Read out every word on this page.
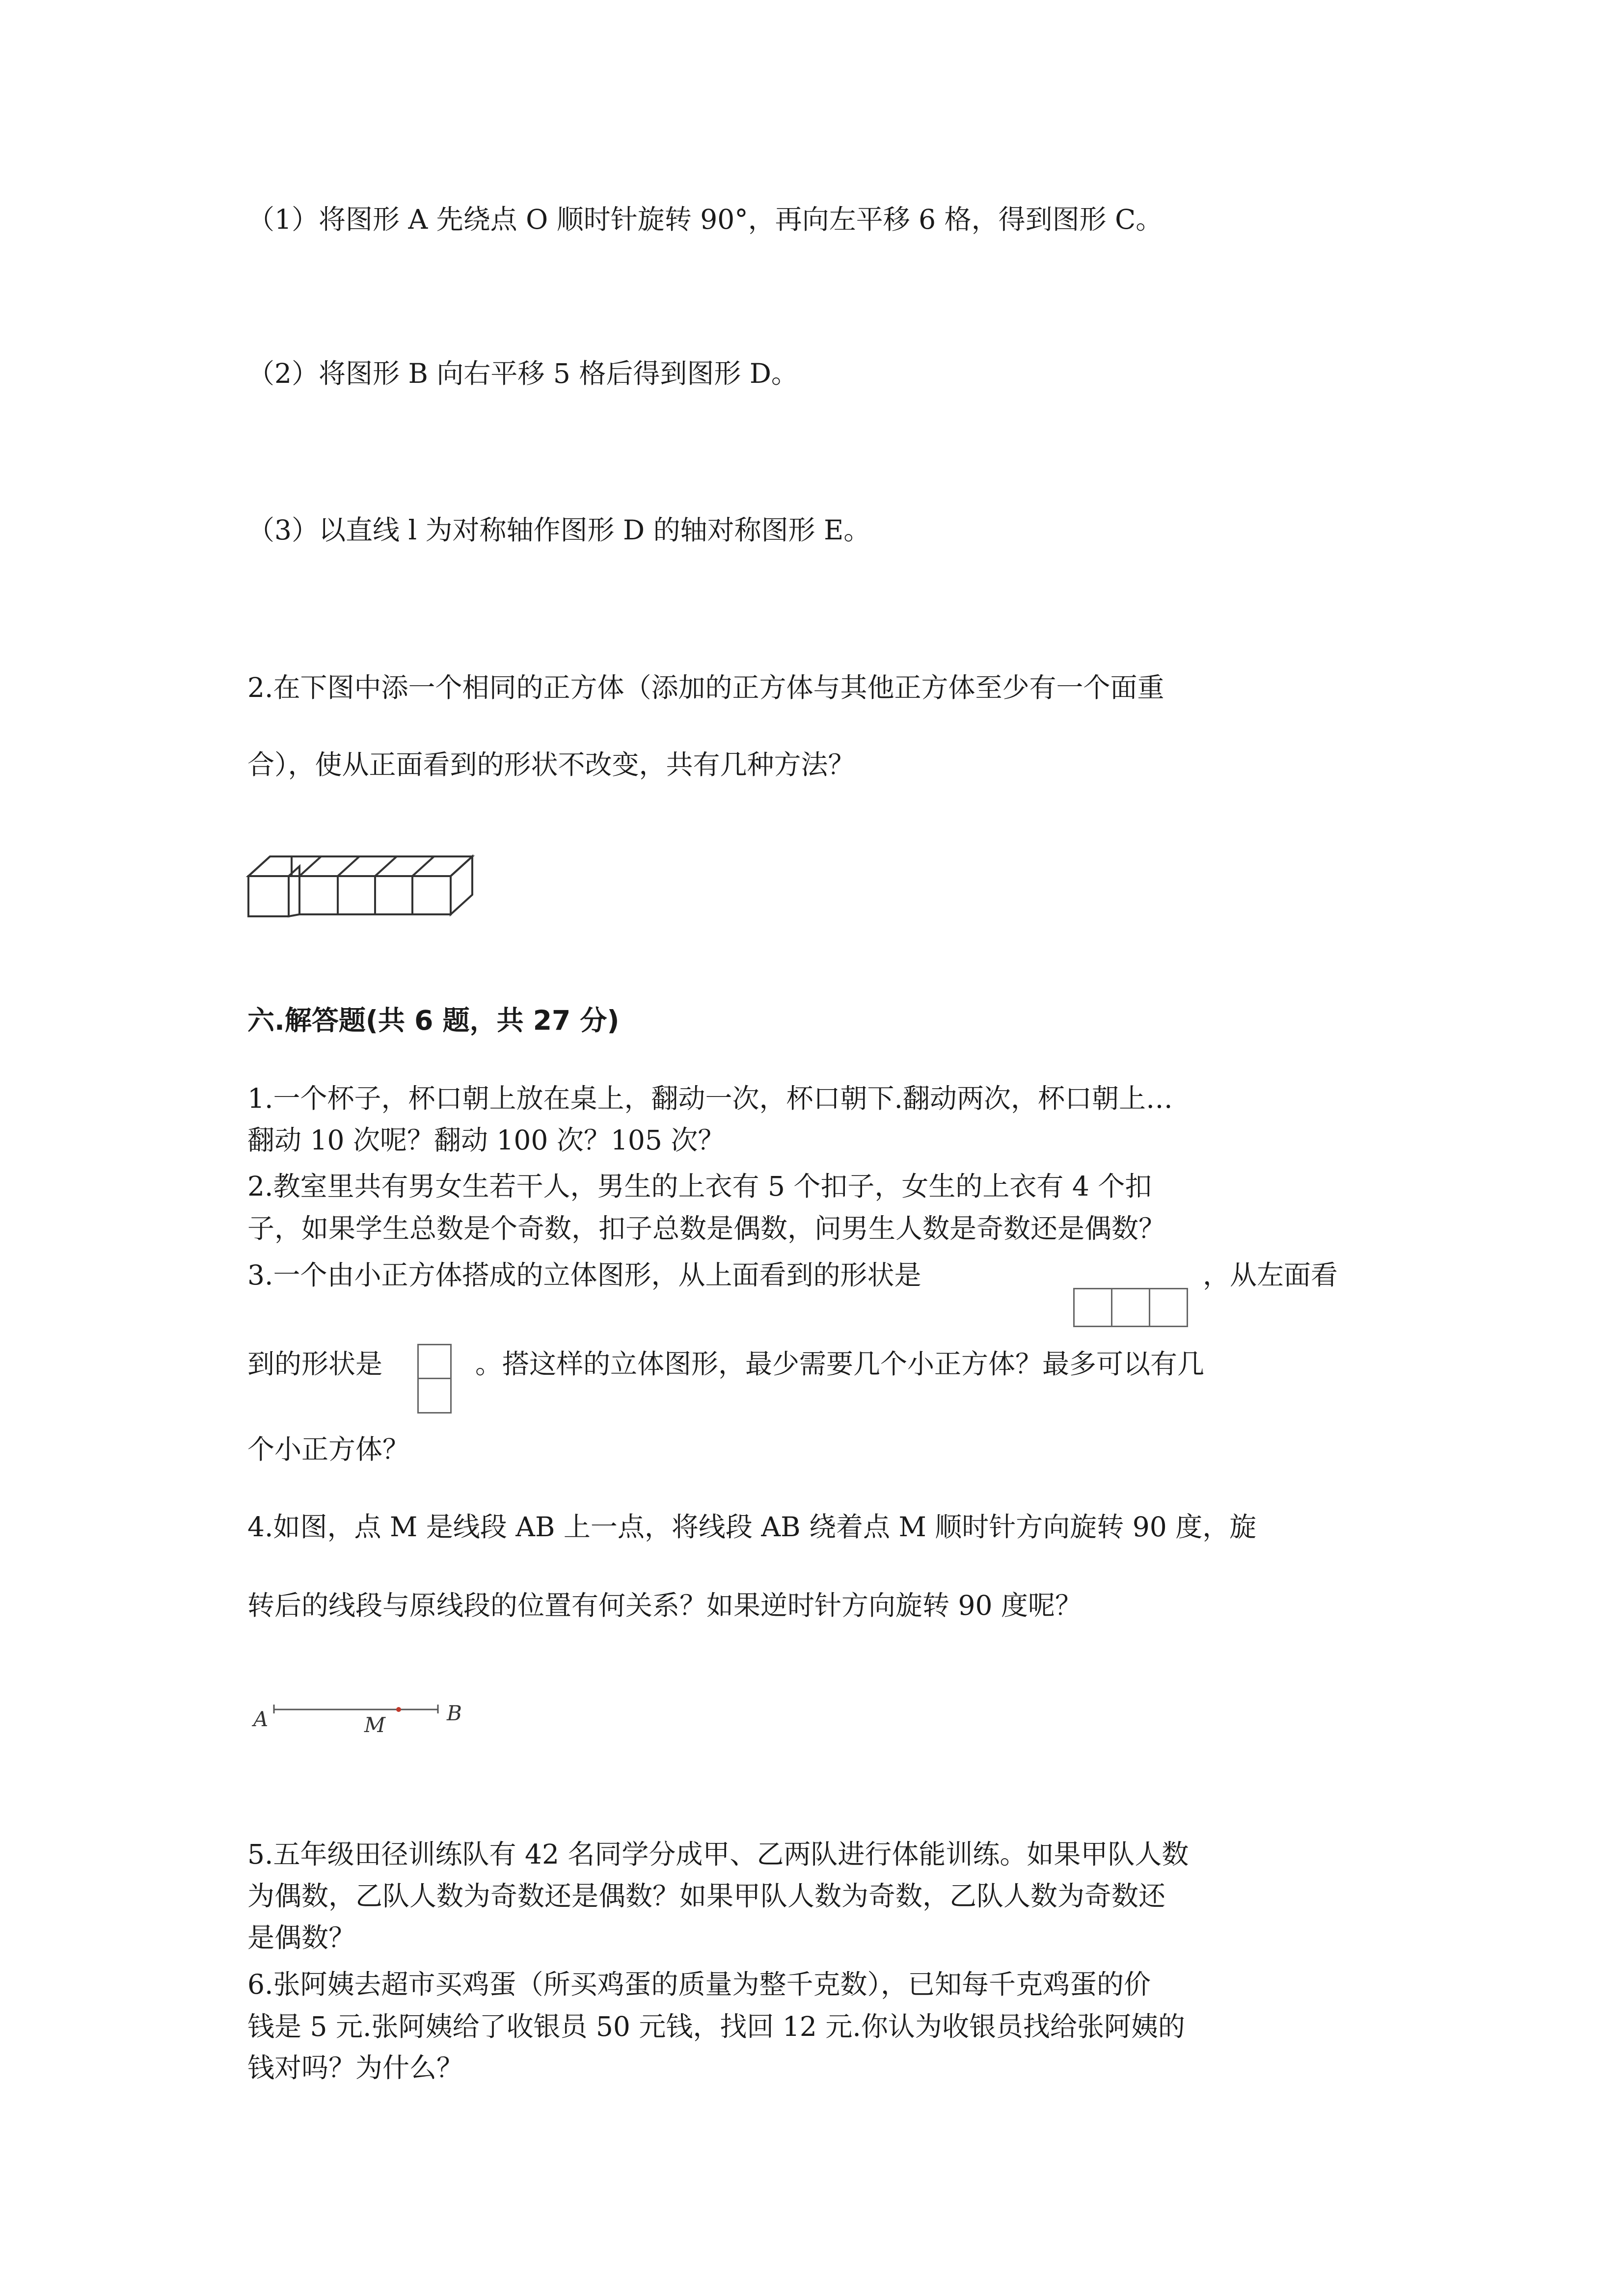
（1）将图形 A 先绕点 O 顺时针旋转 90°，再向左平移 6 格，得到图形 C。
（2）将图形 B 向右平移 5 格后得到图形 D。
（3）以直线 l 为对称轴作图形 D 的轴对称图形 E。
2.在下图中添一个相同的正方体（添加的正方体与其他正方体至少有一个面重
合），使从正面看到的形状不改变，共有几种方法？
六.解答题(共 6 题，共 27 分)
1.一个杯子，杯口朝上放在桌上，翻动一次，杯口朝下.翻动两次，杯口朝上…
翻动 10 次呢？翻动 100 次？105 次？
2.教室里共有男女生若干人，男生的上衣有 5 个扣子，女生的上衣有 4 个扣
子，如果学生总数是个奇数，扣子总数是偶数，问男生人数是奇数还是偶数？
3.一个由小正方体搭成的立体图形，从上面看到的形状是	，从左面看
到的形状是	。搭这样的立体图形，最少需要几个小正方体？最多可以有几
个小正方体？
4.如图，点 M 是线段 AB 上一点，将线段 AB 绕着点 M 顺时针方向旋转 90 度，旋
转后的线段与原线段的位置有何关系？如果逆时针方向旋转 90 度呢？
A	M	B
5.五年级田径训练队有 42 名同学分成甲、乙两队进行体能训练。如果甲队人数
为偶数，乙队人数为奇数还是偶数？如果甲队人数为奇数，乙队人数为奇数还
是偶数？
6.张阿姨去超市买鸡蛋（所买鸡蛋的质量为整千克数），已知每千克鸡蛋的价
钱是 5 元.张阿姨给了收银员 50 元钱，找回 12 元.你认为收银员找给张阿姨的
钱对吗？为什么？
